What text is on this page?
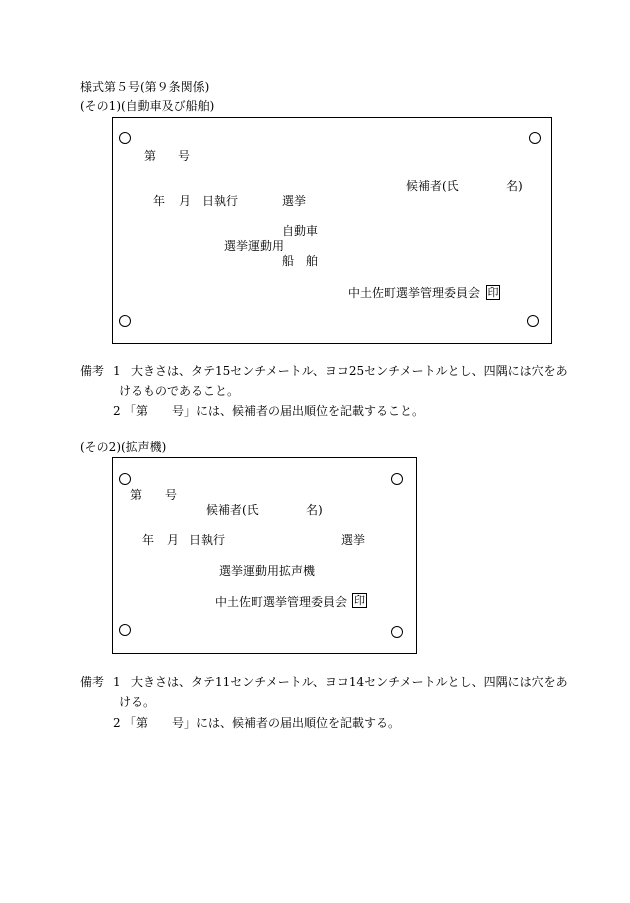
様式第５号(第９条関係)
(その1)(自動車及び船舶)
第 号
候補者(氏	名)
年 月 日執行	選挙
自動車
選挙運動用
船　舶
中土佐町選挙管理委員会 印
備考 1 大きさは、タテ15センチメートル、ヨコ25センチメートルとし、四隅には穴をあ
けるものであること。
2 「第　　号」には、候補者の届出順位を記載すること。
(その2)(拡声機)
第 号
候補者(氏	名)
年 月 日執行	選挙
選挙運動用拡声機
中土佐町選挙管理委員会 印
備考 1 大きさは、タテ11センチメートル、ヨコ14センチメートルとし、四隅には穴をあ
ける。
2 「第　　号」には、候補者の届出順位を記載する。
